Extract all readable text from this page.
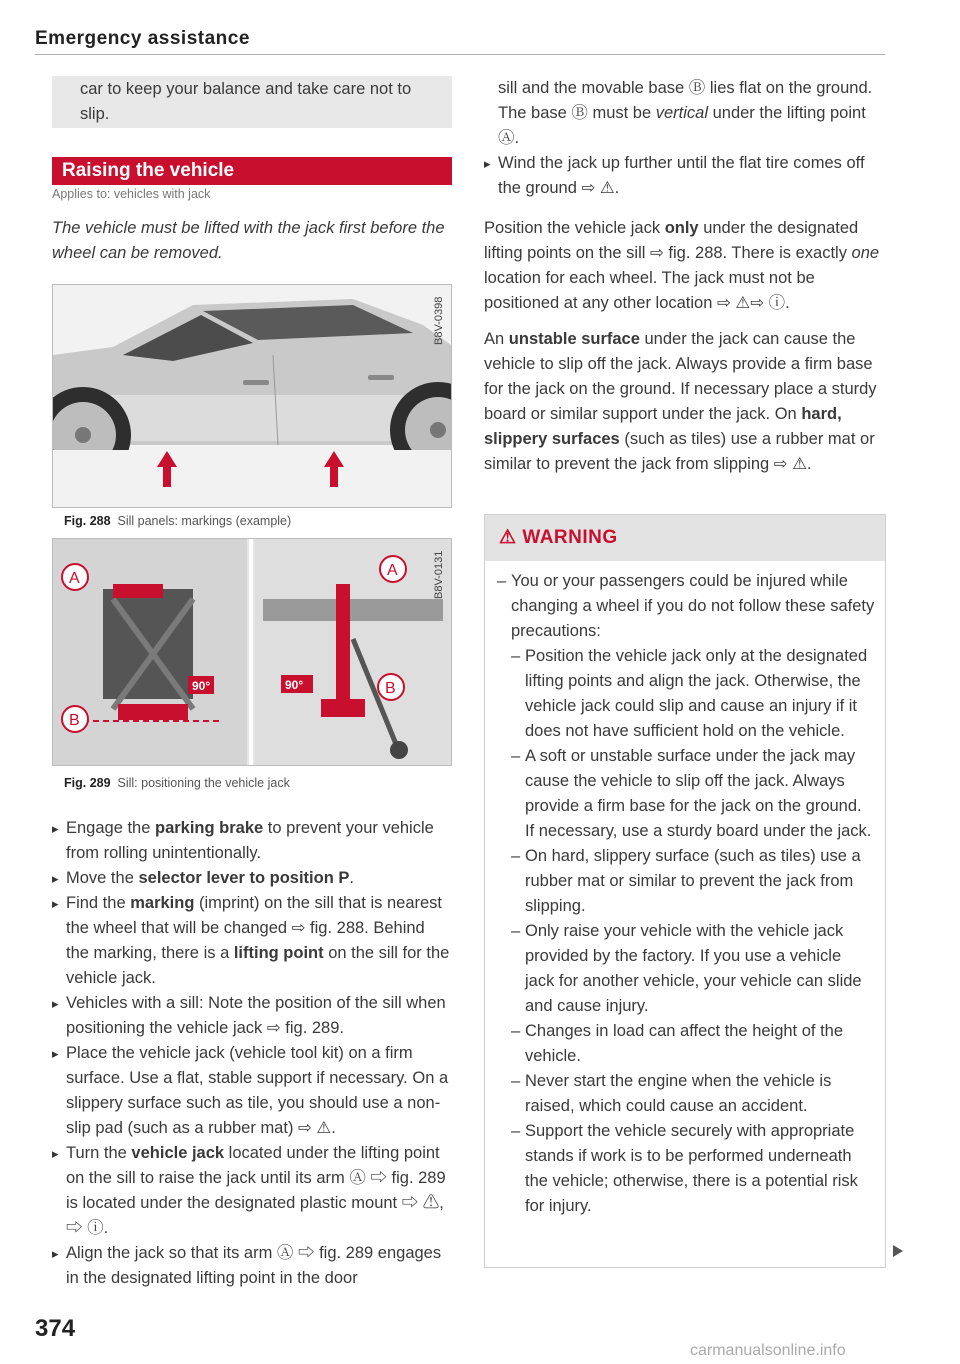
Emergency assistance
car to keep your balance and take care not to slip.
Raising the vehicle
Applies to: vehicles with jack
The vehicle must be lifted with the jack first before the wheel can be removed.
B8V-0398
Fig. 288 Sill panels: markings (example)
90°
A
B
90°
A
B
B8V-0131
Fig. 289 Sill: positioning the vehicle jack
▸ Engage the parking brake to prevent your vehicle from rolling unintentionally.
▸ Move the selector lever to position P.
▸ Find the marking (imprint) on the sill that is nearest the wheel that will be changed ⇨ fig. 288. Behind the marking, there is a lifting point on the sill for the vehicle jack.
▸ Vehicles with a sill: Note the position of the sill when positioning the vehicle jack ⇨ fig. 289.
▸ Place the vehicle jack (vehicle tool kit) on a firm surface. Use a flat, stable support if necessary. On a slippery surface such as tile, you should use a non-slip pad (such as a rubber mat) ⇨ ⚠.
▸ Turn the vehicle jack located under the lifting point on the sill to raise the jack until its arm Ⓐ ⇨ fig. 289 is located under the designated plastic mount ⇨ ⚠, ⇨ ⓘ.
▸ Align the jack so that its arm Ⓐ ⇨ fig. 289 engages in the designated lifting point in the door
sill and the movable base Ⓑ lies flat on the ground. The base Ⓑ must be vertical under the lifting point Ⓐ.
▸ Wind the jack up further until the flat tire comes off the ground ⇨ ⚠.
Position the vehicle jack only under the designated lifting points on the sill ⇨ fig. 288. There is exactly one location for each wheel. The jack must not be positioned at any other location ⇨ ⚠⇨ ⓘ.
An unstable surface under the jack can cause the vehicle to slip off the jack. Always provide a firm base for the jack on the ground. If necessary place a sturdy board or similar support under the jack. On hard, slippery surfaces (such as tiles) use a rubber mat or similar to prevent the jack from slipping ⇨ ⚠.
⚠ WARNING
– You or your passengers could be injured while changing a wheel if you do not follow these safety precautions:
– Position the vehicle jack only at the designated lifting points and align the jack. Otherwise, the vehicle jack could slip and cause an injury if it does not have sufficient hold on the vehicle.
– A soft or unstable surface under the jack may cause the vehicle to slip off the jack. Always provide a firm base for the jack on the ground. If necessary, use a sturdy board under the jack.
– On hard, slippery surface (such as tiles) use a rubber mat or similar to prevent the jack from slipping.
– Only raise your vehicle with the vehicle jack provided by the factory. If you use a vehicle jack for another vehicle, your vehicle can slide and cause injury.
– Changes in load can affect the height of the vehicle.
– Never start the engine when the vehicle is raised, which could cause an accident.
– Support the vehicle securely with appropriate stands if work is to be performed underneath the vehicle; otherwise, there is a potential risk for injury.
374
carmanualsonline.info
